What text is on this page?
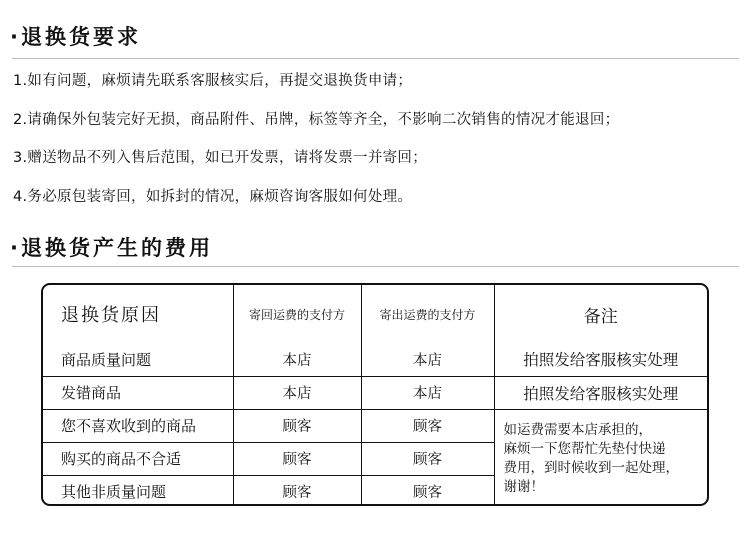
·退换货要求
1.如有问题，麻烦请先联系客服核实后，再提交退换货申请；
2.请确保外包装完好无损，商品附件、吊牌，标签等齐全，不影响二次销售的情况才能退回；
3.赠送物品不列入售后范围，如已开发票，请将发票一并寄回；
4.务必原包装寄回，如拆封的情况，麻烦咨询客服如何处理。
·退换货产生的费用
退换货原因	寄回运费的支付方	寄出运费的支付方	备注
商品质量问题	本店	本店	拍照发给客服核实处理
发错商品	本店	本店	拍照发给客服核实处理
您不喜欢收到的商品	顾客	顾客	如运费需要本店承担的，
麻烦一下您帮忙先垫付快递
费用，到时候收到一起处理，
谢谢！

购买的商品不合适	顾客	顾客	
其他非质量问题	顾客	顾客	
